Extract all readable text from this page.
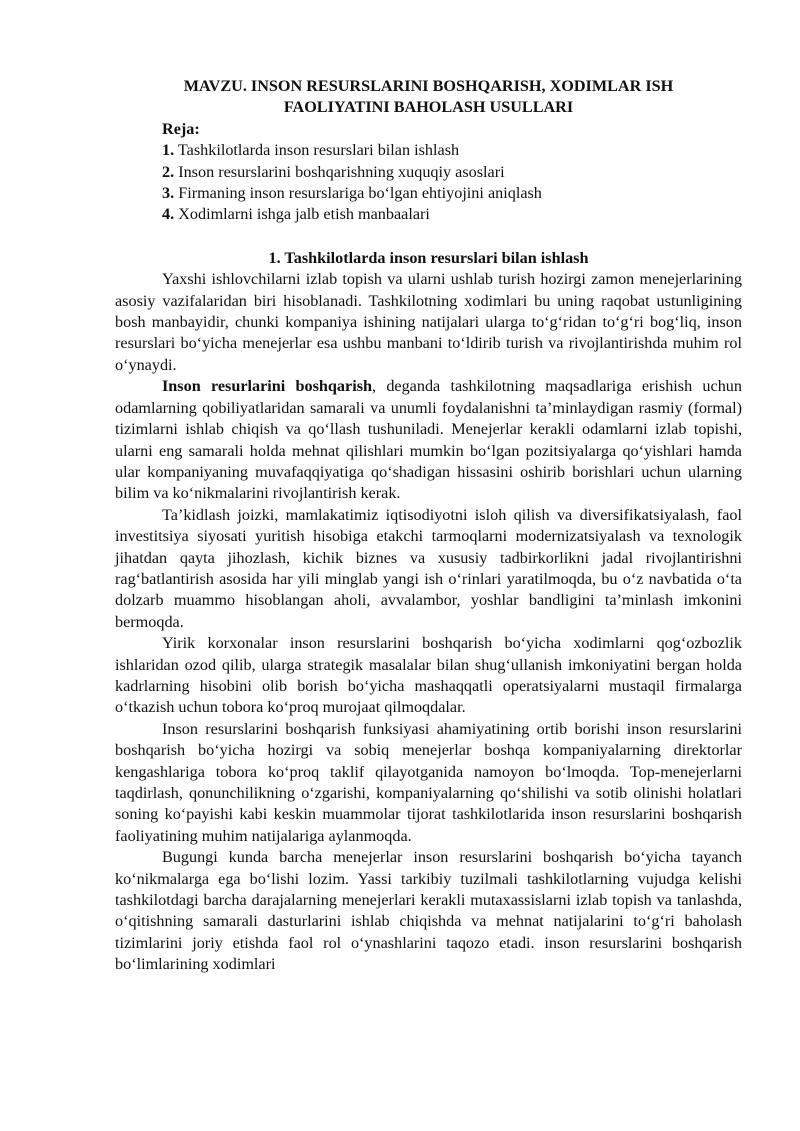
MAVZU. INSON RESURSLARINI BOSHQARISH, XODIMLAR ISH
FAOLIYATINI BAHOLASH USULLARI
Reja:
1. Tashkilotlarda inson resurslari bilan ishlash
2. Inson resurslarini boshqarishning xuquqiy asoslari
3. Firmaning inson resurslariga bo‘lgan ehtiyojini aniqlash
4. Xodimlarni ishga jalb etish manbaalari
1. Tashkilotlarda inson resurslari bilan ishlash

Yaxshi ishlovchilarni izlab topish va ularni ushlab turish hozirgi zamon menejerlarining asosiy vazifalaridan biri hisoblanadi. Tashkilotning xodimlari bu uning raqobat ustunligining bosh manbayidir, chunki kompaniya ishining natijalari ularga to‘g‘ridan to‘g‘ri bog‘liq, inson resurslari bo‘yicha menejerlar esa ushbu manbani to‘ldirib turish va rivojlantirishda muhim rol o‘ynaydi.

Inson resurlarini boshqarish, deganda tashkilotning maqsadlariga erishish uchun odamlarning qobiliyatlaridan samarali va unumli foydalanishni ta’minlaydigan rasmiy (formal) tizimlarni ishlab chiqish va qo‘llash tushuniladi. Menejerlar kerakli odamlarni izlab topishi, ularni eng samarali holda mehnat qilishlari mumkin bo‘lgan pozitsiyalarga qo‘yishlari hamda ular kompaniyaning muvafaqqiyatiga qo‘shadigan hissasini oshirib borishlari uchun ularning bilim va ko‘nikmalarini rivojlantirish kerak.

Ta’kidlash joizki, mamlakatimiz iqtisodiyotni isloh qilish va diversifikatsiyalash, faol investitsiya siyosati yuritish hisobiga etakchi tarmoqlarni modernizatsiyalash va texnologik jihatdan qayta jihozlash, kichik biznes va xususiy tadbirkorlikni jadal rivojlantirishni rag‘batlantirish asosida har yili minglab yangi ish o‘rinlari yaratilmoqda, bu o‘z navbatida o‘ta dolzarb muammo hisoblangan aholi, avvalambor, yoshlar bandligini ta’minlash imkonini bermoqda.

Yirik korxonalar inson resurslarini boshqarish bo‘yicha xodimlarni qog‘ozbozlik ishlaridan ozod qilib, ularga strategik masalalar bilan shug‘ullanish imkoniyatini bergan holda kadrlarning hisobini olib borish bo‘yicha mashaqqatli operatsiyalarni mustaqil firmalarga o‘tkazish uchun tobora ko‘proq murojaat qilmoqdalar.

Inson resurslarini boshqarish funksiyasi ahamiyatining ortib borishi inson resurslarini boshqarish bo‘yicha hozirgi va sobiq menejerlar boshqa kompaniyalarning direktorlar kengashlariga tobora ko‘proq taklif qilayotganida namoyon bo‘lmoqda. Top-menejerlarni taqdirlash, qonunchilikning o‘zgarishi, kompaniyalarning qo‘shilishi va sotib olinishi holatlari soning ko‘payishi kabi keskin muammolar tijorat tashkilotlarida inson resurslarini boshqarish faoliyatining muhim natijalariga aylanmoqda.

Bugungi kunda barcha menejerlar inson resurslarini boshqarish bo‘yicha tayanch ko‘nikmalarga ega bo‘lishi lozim. Yassi tarkibiy tuzilmali tashkilotlarning vujudga kelishi tashkilotdagi barcha darajalarning menejerlari kerakli mutaxassislarni izlab topish va tanlashda, o‘qitishning samarali dasturlarini ishlab chiqishda va mehnat natijalarini to‘g‘ri baholash tizimlarini joriy etishda faol rol o‘ynashlarini taqozo etadi. inson resurslarini boshqarish bo‘limlarining xodimlari
